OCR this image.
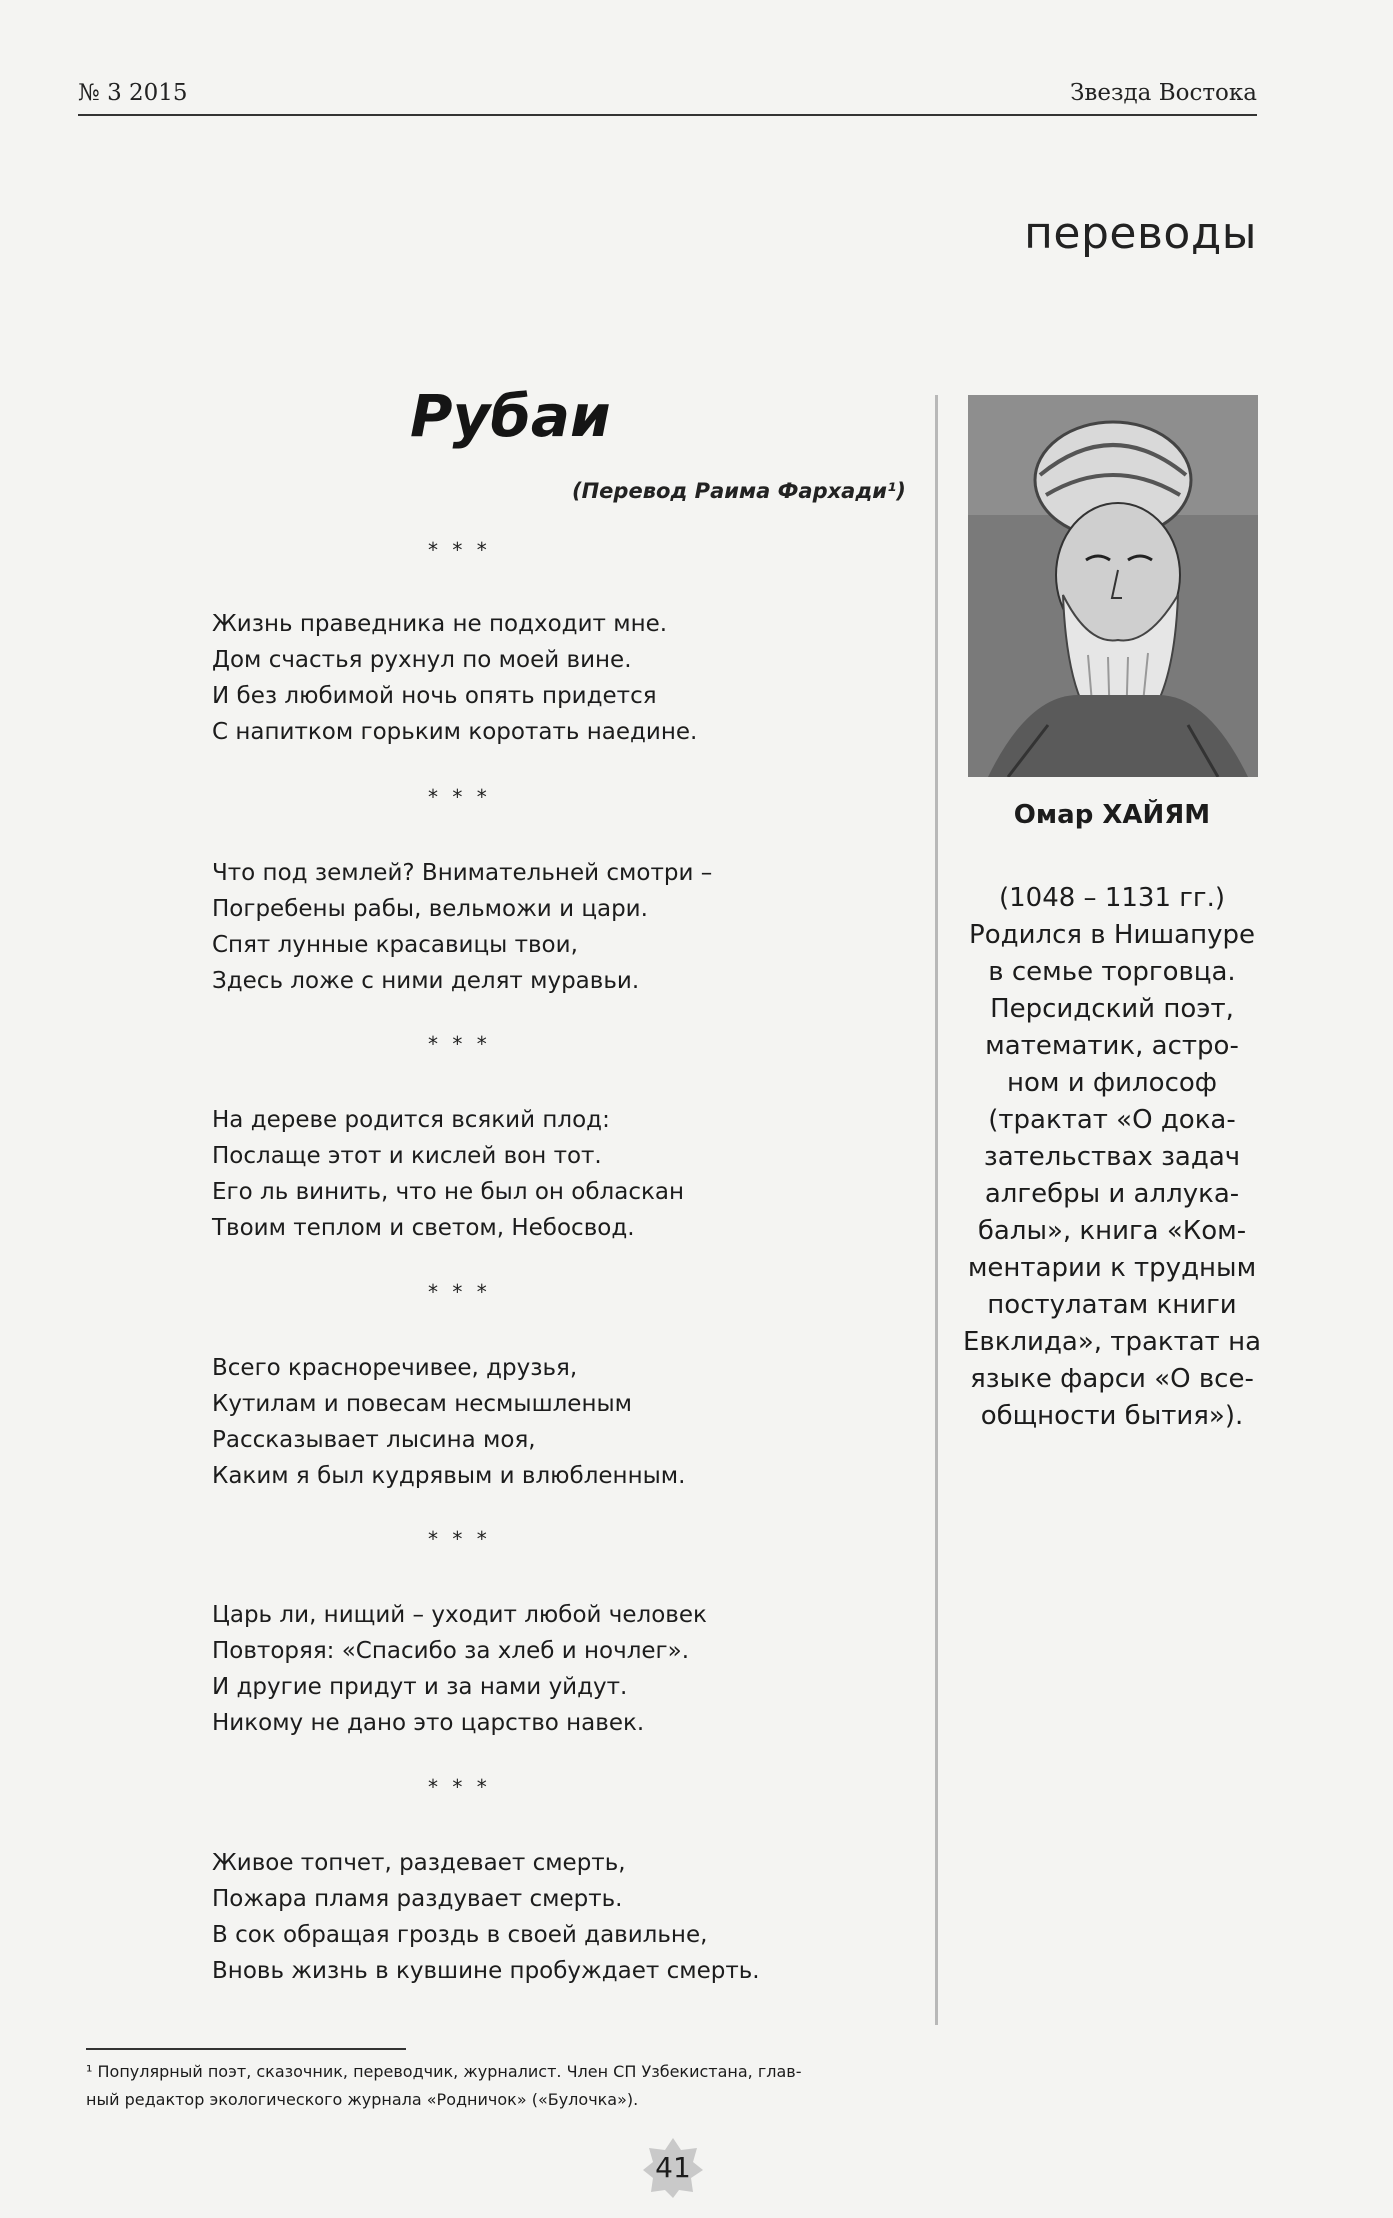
№ 3 2015	Звезда Востока
переводы
Рубаи
(Перевод Раима Фархади¹)
* * *
Жизнь праведника не подходит мне.
Дом счастья рухнул по моей вине.
И без любимой ночь опять придется
С напитком горьким коротать наедине.
* * *
Что под землей? Внимательней смотри –
Погребены рабы, вельможи и цари.
Спят лунные красавицы твои,
Здесь ложе с ними делят муравьи.
* * *
На дереве родится всякий плод:
Послаще этот и кислей вон тот.
Его ль винить, что не был он обласкан
Твоим теплом и светом, Небосвод.
* * *
Всего красноречивее, друзья,
Кутилам и повесам несмышленым
Рассказывает лысина моя,
Каким я был кудрявым и влюбленным.
* * *
Царь ли, нищий – уходит любой человек
Повторяя: «Спасибо за хлеб и ночлег».
И другие придут и за нами уйдут.
Никому не дано это царство навек.
* * *
Живое топчет, раздевает смерть,
Пожара пламя раздувает смерть.
В сок обращая гроздь в своей давильне,
Вновь жизнь в кувшине пробуждает смерть.
Омар ХАЙЯМ
(1048 – 1131 гг.)
Родился в Нишапуре
в семье торговца.
Персидский поэт,
математик, астро-
ном и философ
(трактат «О дока-
зательствах задач
алгебры и аллука-
балы», книга «Ком-
ментарии к трудным
постулатам книги
Евклида», трактат на
языке фарси «О все-
общности бытия»).
¹ Популярный поэт, сказочник, переводчик, журналист. Член СП Узбекистана, глав-
ный редактор экологического журнала «Родничок» («Булочка»).
41
